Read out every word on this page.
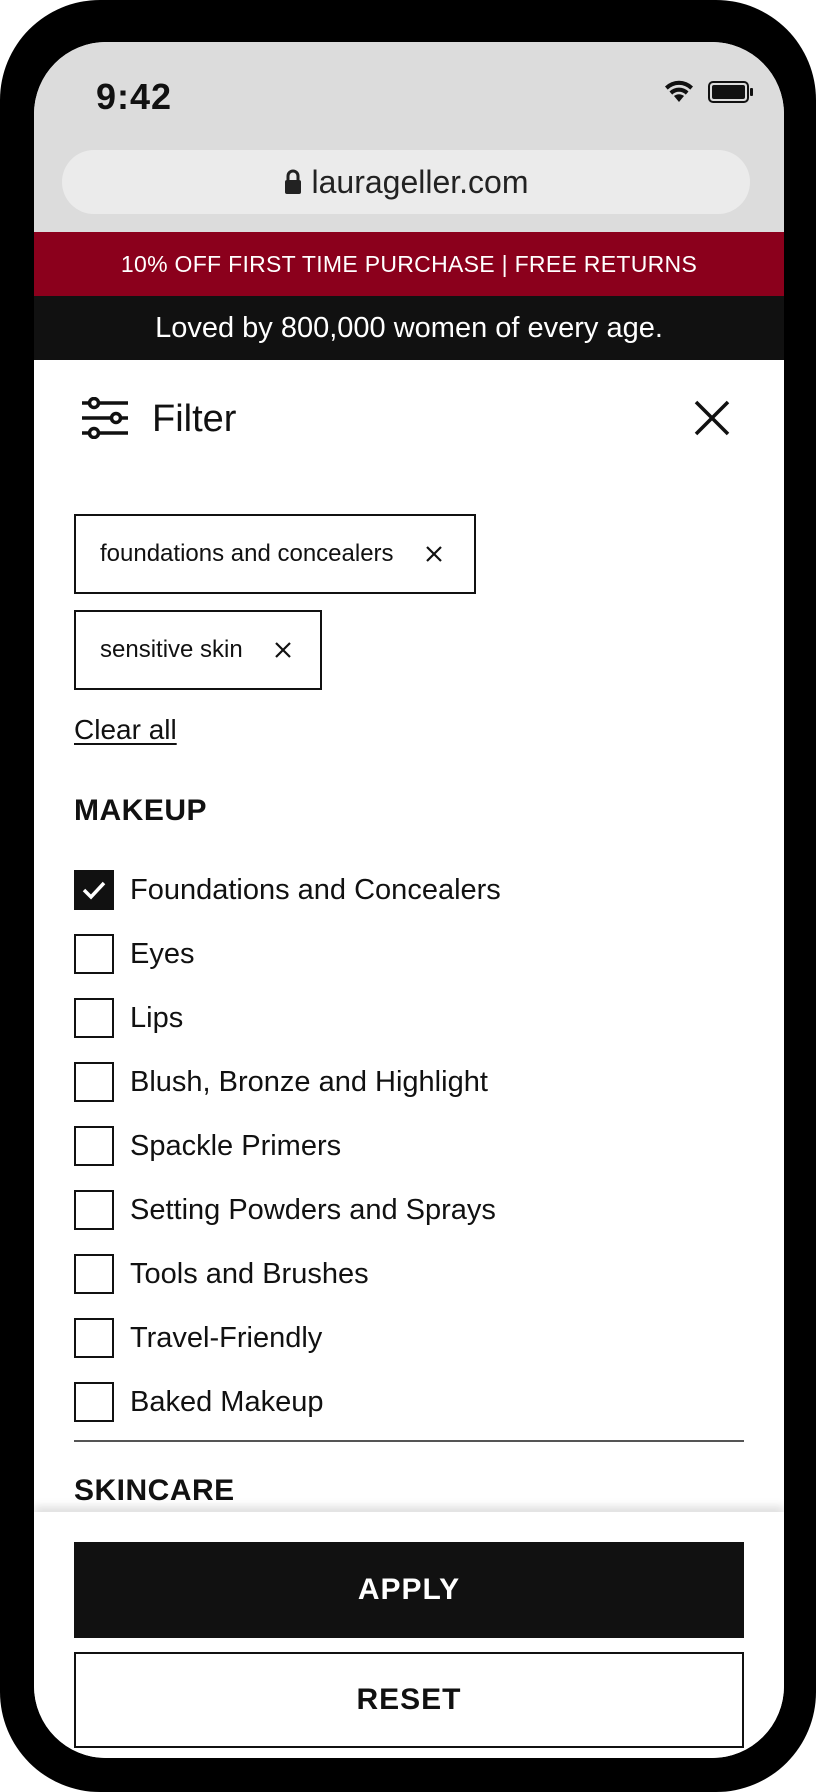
9:42
laurageller.com
10% OFF FIRST TIME PURCHASE | FREE RETURNS
Loved by 800,000 women of every age.
Filter
foundations and concealers
sensitive skin
Clear all
MAKEUP
Foundations and Concealers
Eyes
Lips
Blush, Bronze and Highlight
Spackle Primers
Setting Powders and Sprays
Tools and Brushes
Travel-Friendly
Baked Makeup
SKINCARE
APPLY
RESET
